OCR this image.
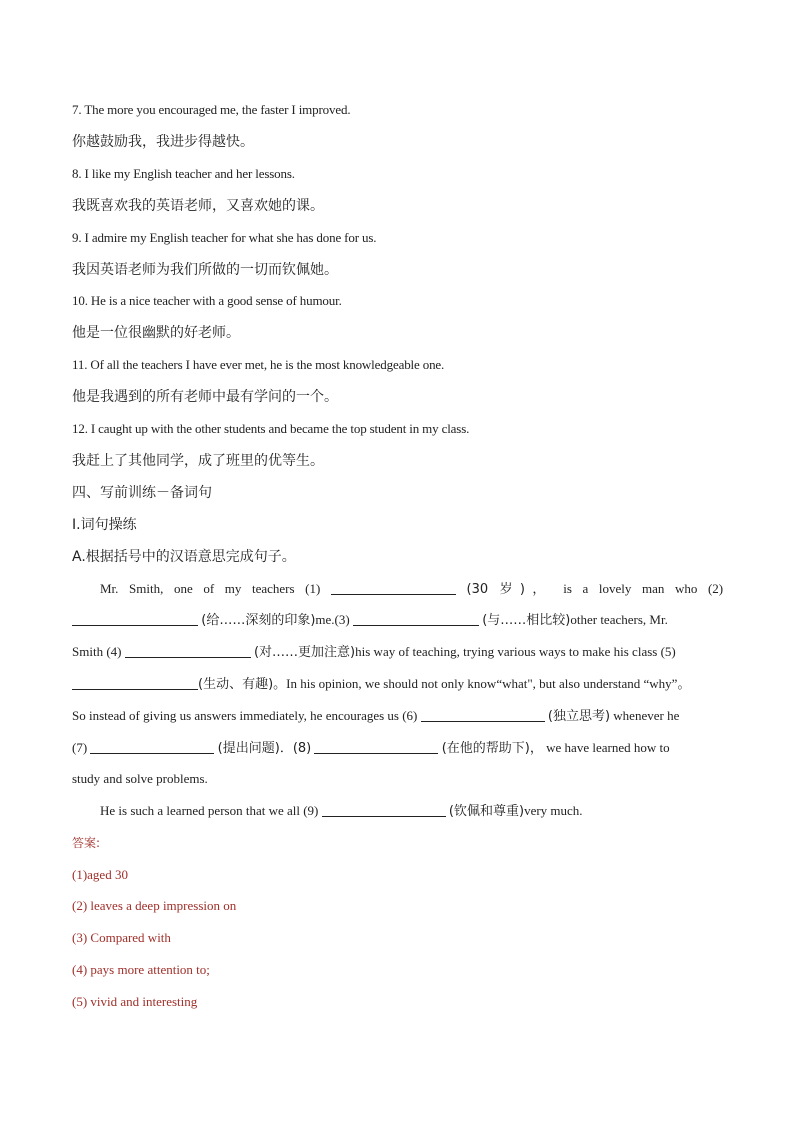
7. The more you encouraged me, the faster I improved.
你越鼓励我，我进步得越快。
8. I like my English teacher and her lessons.
我既喜欢我的英语老师，又喜欢她的课。
9. I admire my English teacher for what she has done for us.
我因英语老师为我们所做的一切而钦佩她。
10. He is a nice teacher with a good sense of humour.
他是一位很幽默的好老师。
11. Of all the teachers I have ever met, he is the most knowledgeable one.
他是我遇到的所有老师中最有学问的一个。
12. I caught up with the other students and became the top student in my class.
我赶上了其他同学，成了班里的优等生。
四、写前训练－备词句
I.词句操练
A.根据括号中的汉语意思完成句子。
Mr. Smith, one of my teachers (1)	(30 岁)， is a lovely man who (2)
(给……深刻的印象)me.(3)	(与……相比较)other teachers, Mr.
Smith (4)	(对……更加注意)his way of teaching, trying various ways to make his class (5)
(生动、有趣)。In his opinion, we should not only know“what", but also understand “why”。
So instead of giving us answers immediately, he encourages us (6)	(独立思考) whenever he
(7)	(提出问题)．(8)	(在他的帮助下)， we have learned how to
study and solve problems.
He is such a learned person that we all (9)	(钦佩和尊重)very much.
答案:
(1)aged 30
(2) leaves a deep impression on
(3) Compared with
(4) pays more attention to;
(5) vivid and interesting
